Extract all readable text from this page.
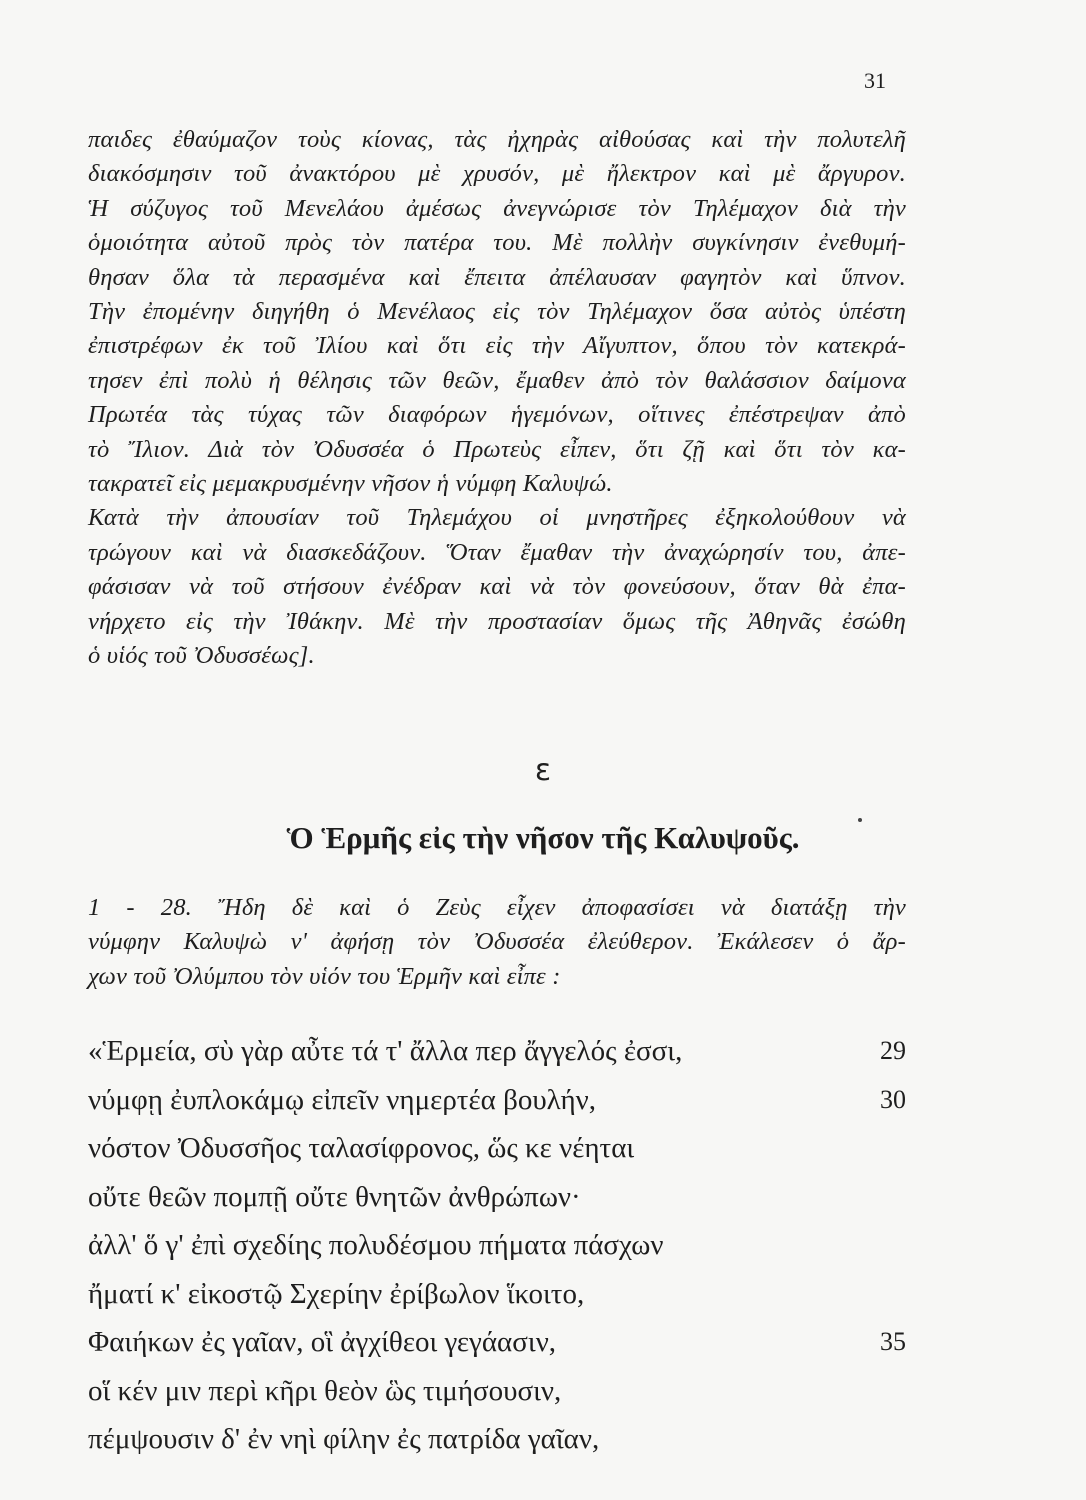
31
παιδες ἐθαύμαζον τοὺς κίονας, τὰς ἠχηρὰς αἰθούσας καὶ τὴν πολυτελῆ
διακόσμησιν τοῦ ἀνακτόρου μὲ χρυσόν, μὲ ἤλεκτρον καὶ μὲ ἄργυρον.
Ἡ σύζυγος τοῦ Μενελάου ἀμέσως ἀνεγνώρισε τὸν Τηλέμαχον διὰ τὴν
ὁμοιότητα αὐτοῦ πρὸς τὸν πατέρα του. Μὲ πολλὴν συγκίνησιν ἐνεθυμή-
θησαν ὅλα τὰ περασμένα καὶ ἔπειτα ἀπέλαυσαν φαγητὸν καὶ ὕπνον.
Τὴν ἐπομένην διηγήθη ὁ Μενέλαος εἰς τὸν Τηλέμαχον ὅσα αὐτὸς ὑπέστη
ἐπιστρέφων ἐκ τοῦ Ἰλίου καὶ ὅτι εἰς τὴν Αἴγυπτον, ὅπου τὸν κατεκρά-
τησεν ἐπὶ πολὺ ἡ θέλησις τῶν θεῶν, ἔμαθεν ἀπὸ τὸν θαλάσσιον δαίμονα
Πρωτέα τὰς τύχας τῶν διαφόρων ἡγεμόνων, οἵτινες ἐπέστρεψαν ἀπὸ
τὸ Ἴλιον. Διὰ τὸν Ὀδυσσέα ὁ Πρωτεὺς εἶπεν, ὅτι ζῇ καὶ ὅτι τὸν κα-
τακρατεῖ εἰς μεμακρυσμένην νῆσον ἡ νύμφη Καλυψώ.
Κατὰ τὴν ἀπουσίαν τοῦ Τηλεμάχου οἱ μνηστῆρες ἐξηκολούθουν νὰ
τρώγουν καὶ νὰ διασκεδάζουν. Ὅταν ἔμαθαν τὴν ἀναχώρησίν του, ἀπε-
φάσισαν νὰ τοῦ στήσουν ἐνέδραν καὶ νὰ τὸν φονεύσουν, ὅταν θὰ ἐπα-
νήρχετο εἰς τὴν Ἰθάκην. Μὲ τὴν προστασίαν ὅμως τῆς Ἀθηνᾶς ἐσώθη
ὁ υἱός τοῦ Ὀδυσσέως].
ε
Ὁ Ἑρμῆς εἰς τὴν νῆσον τῆς Καλυψοῦς.
1 - 28. Ἤδη δὲ καὶ ὁ Ζεὺς εἶχεν ἀποφασίσει νὰ διατάξῃ τὴν
νύμφην Καλυψὼ ν' ἀφήσῃ τὸν Ὀδυσσέα ἐλεύθερον. Ἐκάλεσεν ὁ ἄρ-
χων τοῦ Ὀλύμπου τὸν υἱόν του Ἑρμῆν καὶ εἶπε :
«Ἑρμεία, σὺ γὰρ αὖτε τά τ' ἄλλα περ ἄγγελός ἐσσι,	29
νύμφῃ ἐυπλοκάμῳ εἰπεῖν νημερτέα βουλήν,	30
νόστον Ὀδυσσῆος ταλασίφρονος, ὥς κε νέηται
οὔτε θεῶν πομπῇ οὔτε θνητῶν ἀνθρώπων·
ἀλλ' ὅ γ' ἐπὶ σχεδίης πολυδέσμου πήματα πάσχων
ἤματί κ' εἰκοστῷ Σχερίην ἐρίβωλον ἵκοιτο,
Φαιήκων ἐς γαῖαν, οἳ ἀγχίθεοι γεγάασιν,	35
οἵ κέν μιν περὶ κῆρι θεὸν ὣς τιμήσουσιν,
πέμψουσιν δ' ἐν νηὶ φίλην ἐς πατρίδα γαῖαν,
